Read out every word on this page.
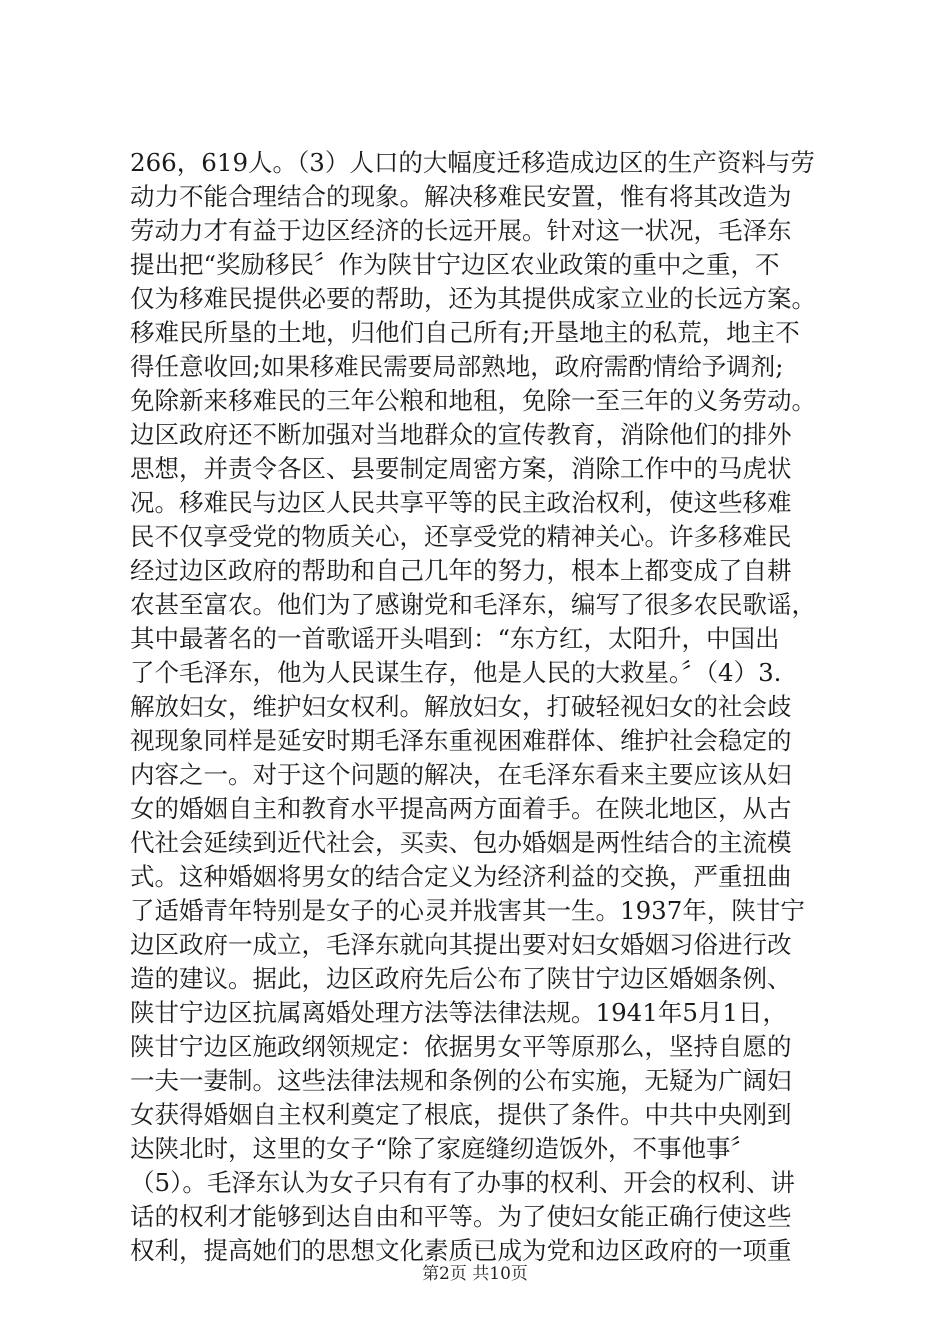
266，619人。（3）人口的大幅度迁移造成边区的生产资料与劳
动力不能合理结合的现象。解决移难民安置，惟有将其改造为
劳动力才有益于边区经济的长远开展。针对这一状况，毛泽东
提出把“奖励移民〞作为陕甘宁边区农业政策的重中之重，不
仅为移难民提供必要的帮助，还为其提供成家立业的长远方案。
移难民所垦的土地，归他们自己所有;开垦地主的私荒，地主不
得任意收回;如果移难民需要局部熟地，政府需酌情给予调剂;
免除新来移难民的三年公粮和地租，免除一至三年的义务劳动。
边区政府还不断加强对当地群众的宣传教育，消除他们的排外
思想，并责令各区、县要制定周密方案，消除工作中的马虎状
况。移难民与边区人民共享平等的民主政治权利，使这些移难
民不仅享受党的物质关心，还享受党的精神关心。许多移难民
经过边区政府的帮助和自己几年的努力，根本上都变成了自耕
农甚至富农。他们为了感谢党和毛泽东，编写了很多农民歌谣，
其中最著名的一首歌谣开头唱到：“东方红，太阳升，中国出
了个毛泽东，他为人民谋生存，他是人民的大救星。〞（4）3.
解放妇女，维护妇女权利。解放妇女，打破轻视妇女的社会歧
视现象同样是延安时期毛泽东重视困难群体、维护社会稳定的
内容之一。对于这个问题的解决，在毛泽东看来主要应该从妇
女的婚姻自主和教育水平提高两方面着手。在陕北地区，从古
代社会延续到近代社会，买卖、包办婚姻是两性结合的主流模
式。这种婚姻将男女的结合定义为经济利益的交换，严重扭曲
了适婚青年特别是女子的心灵并戕害其一生。1937年，陕甘宁
边区政府一成立，毛泽东就向其提出要对妇女婚姻习俗进行改
造的建议。据此，边区政府先后公布了陕甘宁边区婚姻条例、
陕甘宁边区抗属离婚处理方法等法律法规。1941年5月1日，
陕甘宁边区施政纲领规定：依据男女平等原那么，坚持自愿的
一夫一妻制。这些法律法规和条例的公布实施，无疑为广阔妇
女获得婚姻自主权利奠定了根底，提供了条件。中共中央刚到
达陕北时，这里的女子“除了家庭缝纫造饭外，不事他事〞
（5）。毛泽东认为女子只有有了办事的权利、开会的权利、讲
话的权利才能够到达自由和平等。为了使妇女能正确行使这些
权利，提高她们的思想文化素质已成为党和边区政府的一项重
第2页 共10页
